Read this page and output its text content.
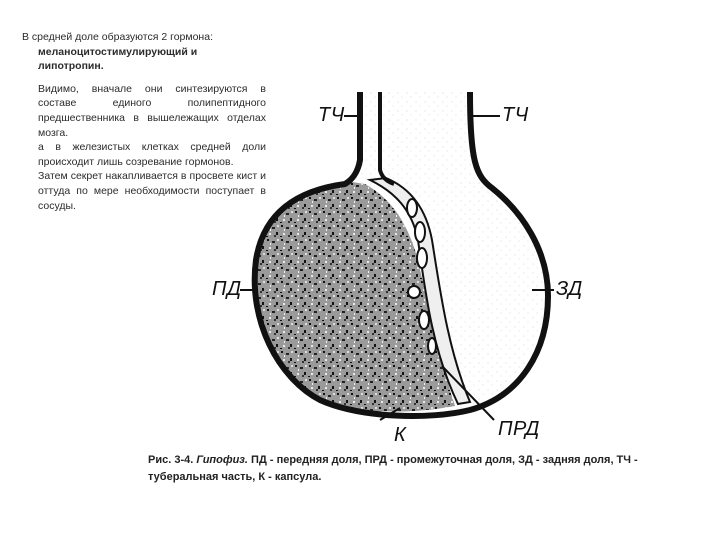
В средней доле образуются 2 гормона:

меланоцитостимулирующий и

липотропин.

Видимо, вначале они синтезируются в составе единого полипептидного предшественника в вышележащих отделах мозга.

а в железистых клетках средней доли происходит лишь созревание гормонов.

Затем секрет накапливается в просвете кист и оттуда по мере необходимости поступает в сосуды.

ТЧ	ТЧ
ПД	ЗД
К	ПРД
Рис. 3-4. Гипофиз. ПД - передняя доля, ПРД - промежуточная доля, ЗД - задняя доля, ТЧ - туберальная часть, К - капсула.
